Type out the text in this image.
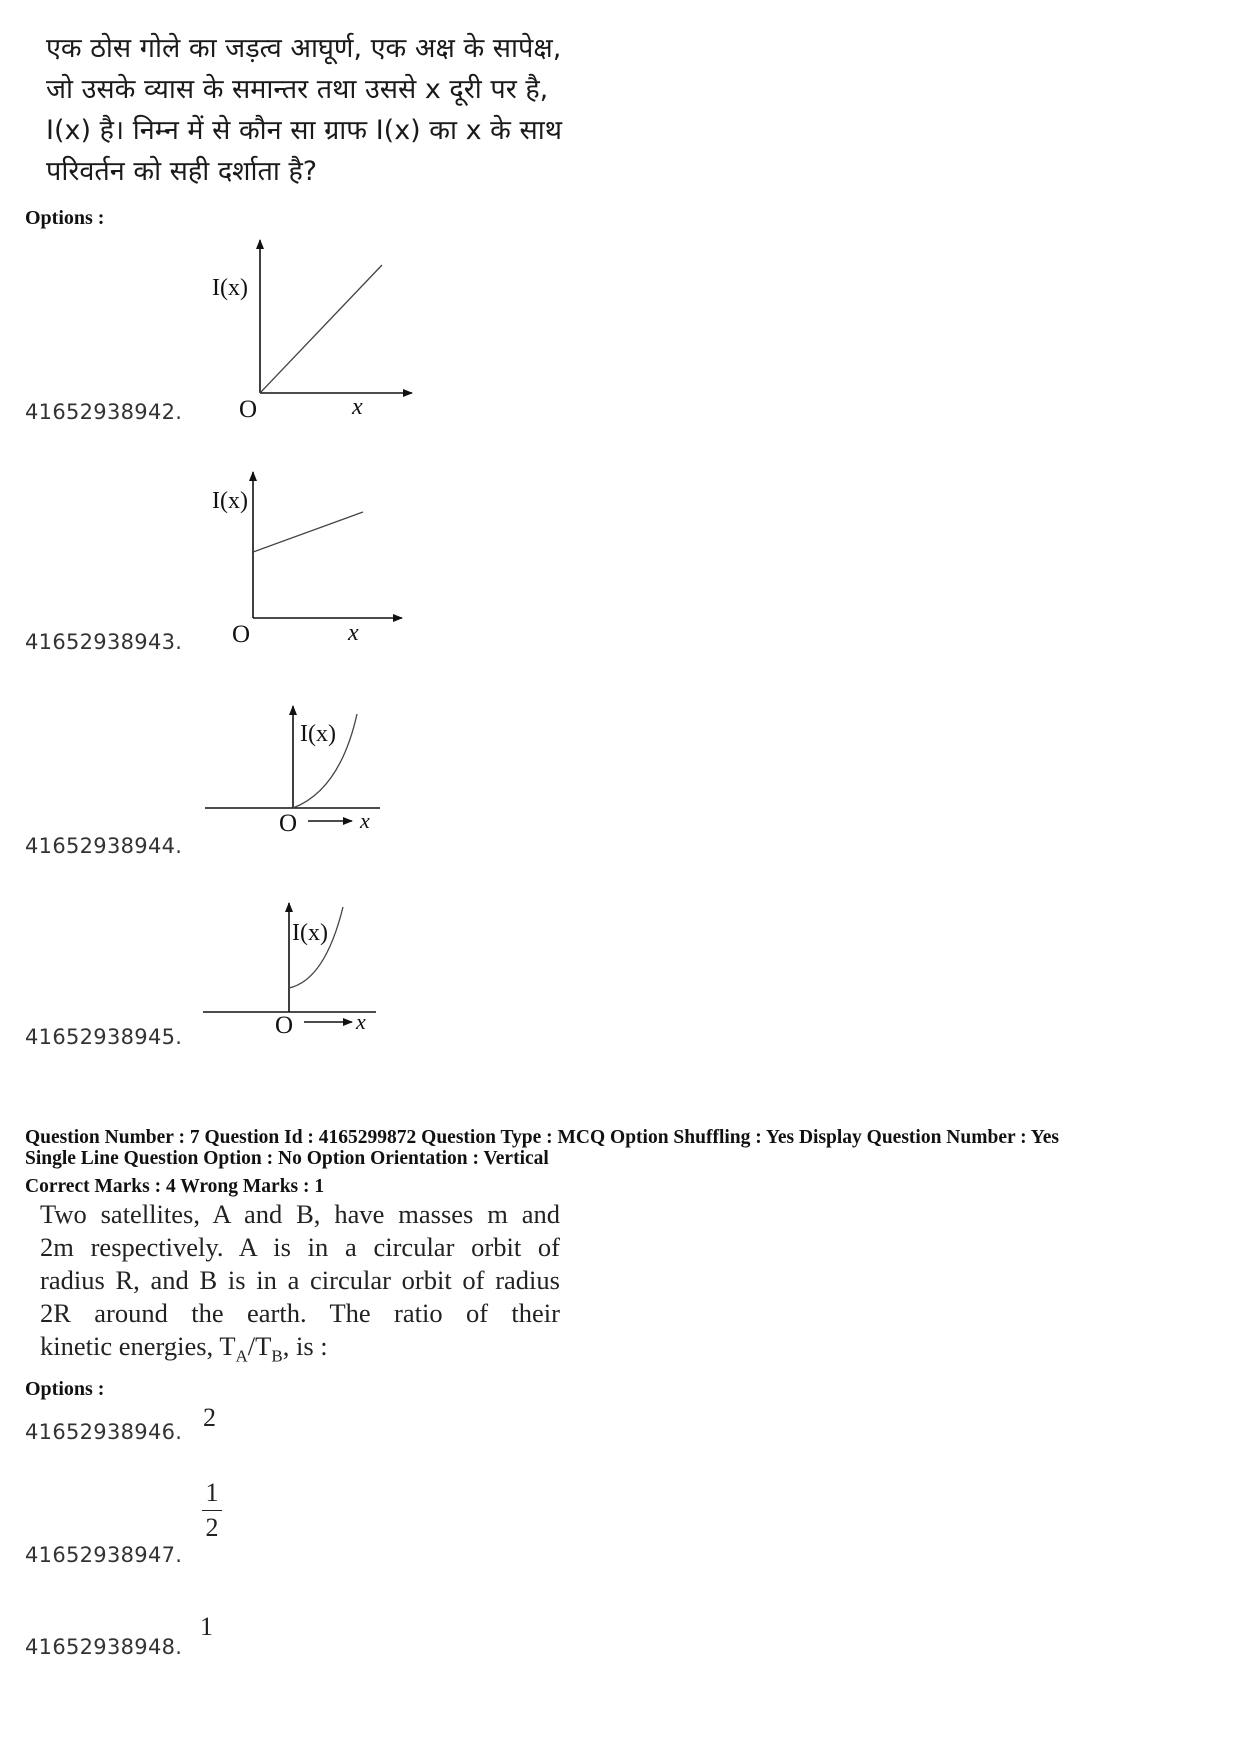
एक ठोस गोले का जड़त्व आघूर्ण, एक अक्ष के सापेक्ष,
जो उसके व्यास के समान्तर तथा उससे x दूरी पर है,
I(x) है। निम्न में से कौन सा ग्राफ I(x) का x के साथ
परिवर्तन को सही दर्शाता है?
Options :
41652938942.
I(x)
O	x
41652938943.
I(x)
O	x
41652938944.
I(x)
O	x
41652938945.
I(x)
O	x
Question Number : 7 Question Id : 4165299872 Question Type : MCQ Option Shuffling : Yes Display Question Number : Yes
Single Line Question Option : No Option Orientation : Vertical
Correct Marks : 4 Wrong Marks : 1
Two satellites, A and B, have masses m and
2m respectively. A is in a circular orbit of
radius R, and B is in a circular orbit of radius
2R around the earth. The ratio of their
kinetic energies, $T_A/T_B$, is :
Options :
41652938946. 2
41652938947.
1
2
41652938948.
1
